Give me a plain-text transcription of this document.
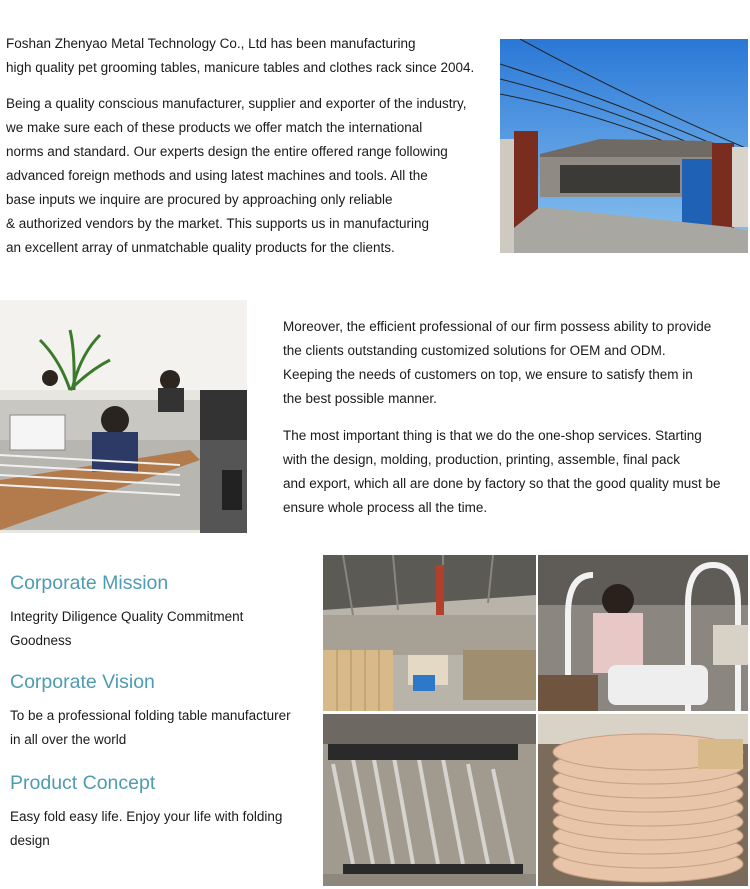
Foshan Zhenyao Metal Technology Co., Ltd has been manufacturing
high quality pet grooming tables, manicure tables and clothes rack since 2004.
Being a quality conscious manufacturer, supplier and exporter of the industry,
we make sure each of these products we offer match the international
norms and standard. Our experts design the entire offered range following
advanced foreign methods and using latest machines and tools. All the
base inputs we inquire are procured by approaching only reliable
& authorized vendors by the market. This supports us in manufacturing
an excellent array of unmatchable quality products for the clients.
Moreover, the efficient professional of our firm possess ability to provide
the clients outstanding customized solutions for OEM and ODM.
Keeping the needs of customers on top, we ensure to satisfy them in
the best possible manner.
The most important thing is that we do the one-shop services. Starting
with the design, molding, production, printing, assemble, final pack
and export, which all are done by factory so that the good quality must be
ensure whole process all the time.
Corporate Mission
Integrity Diligence Quality Commitment
Goodness
Corporate Vision
To be a professional folding table manufacturer
in all over the world
Product Concept
Easy fold easy life. Enjoy your life with folding
design
